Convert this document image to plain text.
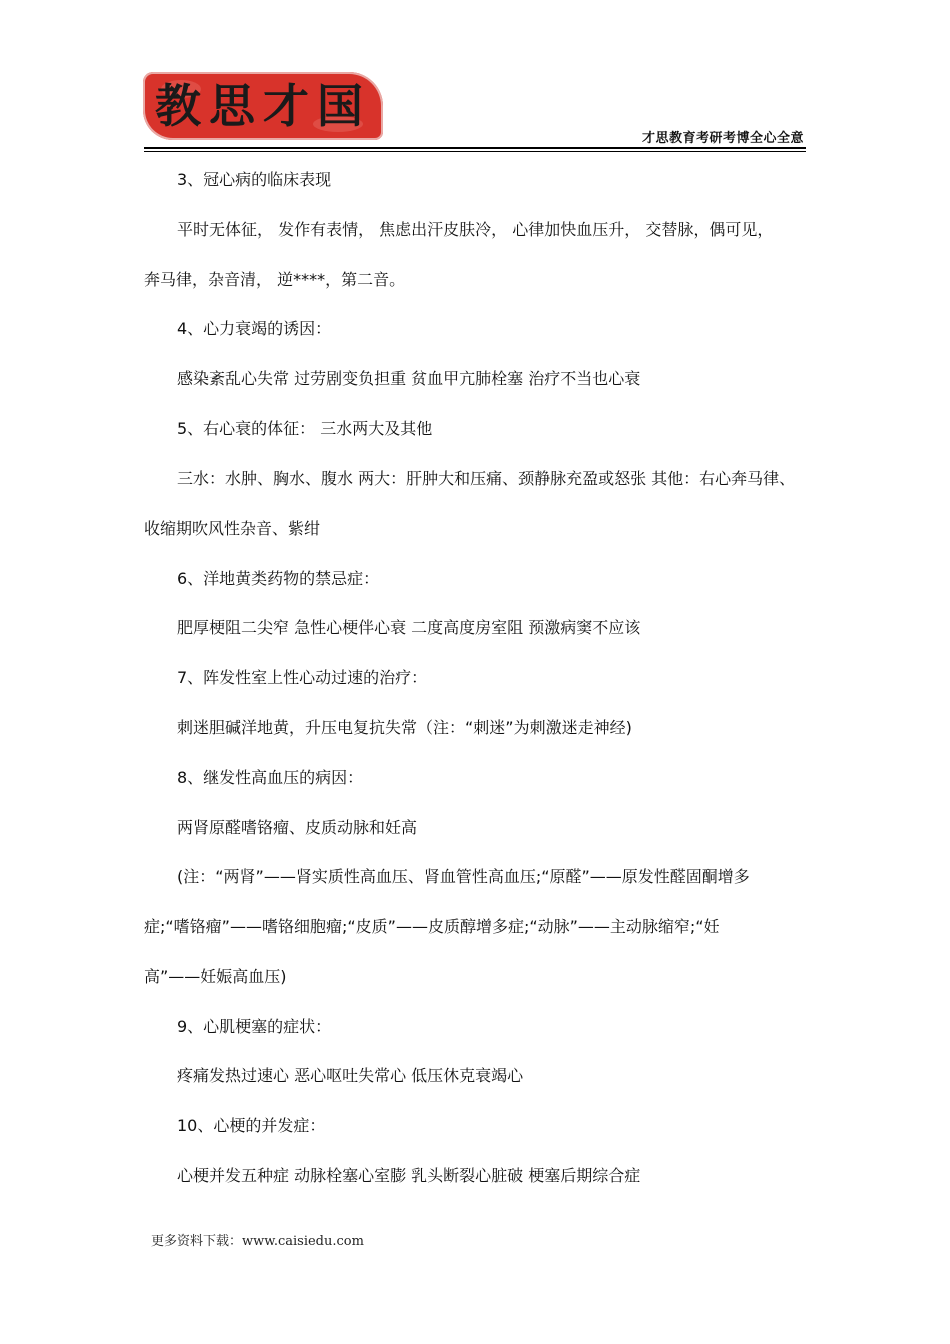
教思才国
才思教育考研考博全心全意
3、冠心病的临床表现
平时无体征， 发作有表情， 焦虑出汗皮肤冷， 心律加快血压升， 交替脉，偶可见，
奔马律，杂音清， 逆****，第二音。
4、心力衰竭的诱因：
感染紊乱心失常 过劳剧变负担重 贫血甲亢肺栓塞 治疗不当也心衰
5、右心衰的体征： 三水两大及其他
三水：水肿、胸水、腹水 两大：肝肿大和压痛、颈静脉充盈或怒张 其他：右心奔马律、
收缩期吹风性杂音、紫绀
6、洋地黄类药物的禁忌症：
肥厚梗阻二尖窄 急性心梗伴心衰 二度高度房室阻 预激病窦不应该
7、阵发性室上性心动过速的治疗：
刺迷胆碱洋地黄，升压电复抗失常（注：“刺迷”为刺激迷走神经)
8、继发性高血压的病因：
两肾原醛嗜铬瘤、皮质动脉和妊高
(注：“两肾”——肾实质性高血压、肾血管性高血压;“原醛”——原发性醛固酮增多
症;“嗜铬瘤”——嗜铬细胞瘤;“皮质”——皮质醇增多症;“动脉”——主动脉缩窄;“妊
高”——妊娠高血压)
9、心肌梗塞的症状：
疼痛发热过速心 恶心呕吐失常心 低压休克衰竭心
10、心梗的并发症：
心梗并发五种症 动脉栓塞心室膨 乳头断裂心脏破 梗塞后期综合症
更多资料下载：www.caisiedu.com
